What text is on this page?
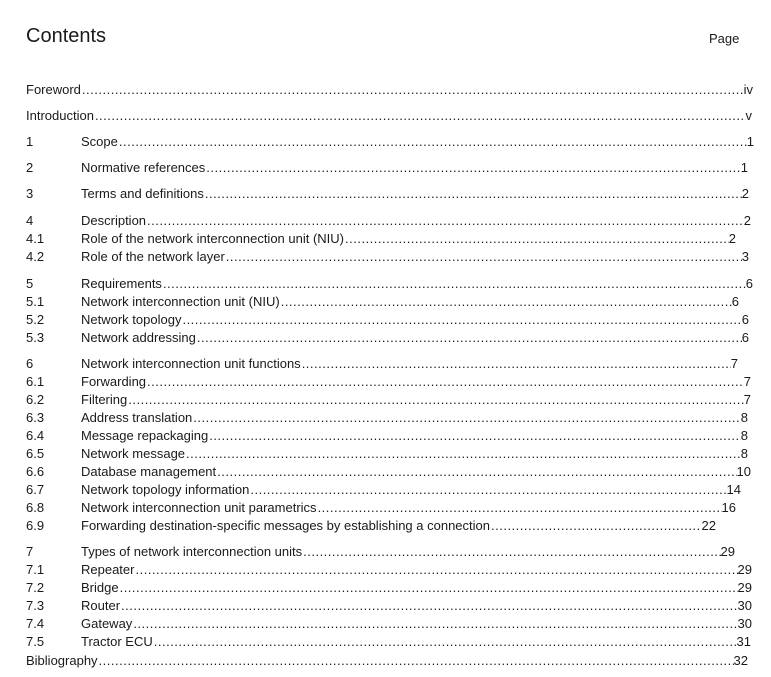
Contents	Page
Foreword .....	iv
Introduction .....	v
1	Scope .....	1
2	Normative references .....	1
3	Terms and definitions .....	2
4	Description .....	2
4.1	Role of the network interconnection unit (NIU) .....	2
4.2	Role of the network layer .....	3
5	Requirements .....	6
5.1	Network interconnection unit (NIU) .....	6
5.2	Network topology .....	6
5.3	Network addressing .....	6
6	Network interconnection unit functions .....	7
6.1	Forwarding .....	7
6.2	Filtering .....	7
6.3	Address translation .....	8
6.4	Message repackaging .....	8
6.5	Network message .....	8
6.6	Database management .....	10
6.7	Network topology information .....	14
6.8	Network interconnection unit parametrics .....	16
6.9	Forwarding destination-specific messages by establishing a connection .....	22
7	Types of network interconnection units .....	29
7.1	Repeater .....	29
7.2	Bridge .....	29
7.3	Router .....	30
7.4	Gateway .....	30
7.5	Tractor ECU .....	31
Bibliography .....	32
